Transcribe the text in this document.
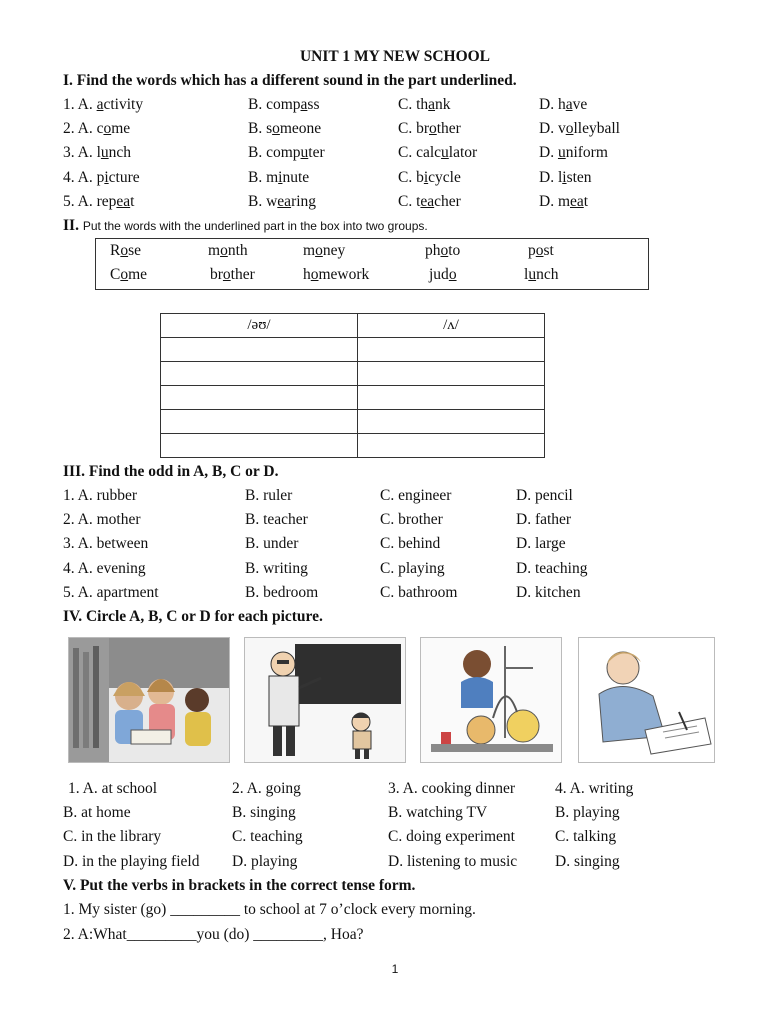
UNIT 1 MY NEW SCHOOL
I. Find the words which has a different sound in the part underlined.
1. A. activity	B. compass	C. thank	D. have
2. A. come	B. someone	C. brother	D. volleyball
3. A. lunch	B. computer	C. calculator	D. uniform
4. A. picture	B. minute	C. bicycle	D. listen
5. A. repeat	B. wearing	C. teacher	D. meat
II. Put the words with the underlined part in the box into two groups.
Rose	month	money	photo	post
Come	brother	homework	judo	lunch
/əʊ/	/ʌ/

III. Find the odd in A, B, C or D.
1. A. rubber	B. ruler	C. engineer	D. pencil
2. A. mother	B. teacher	C. brother	D. father
3. A. between	B. under	C. behind	D. large
4. A. evening	B. writing	C. playing	D. teaching
5. A. apartment	B. bedroom	C. bathroom	D. kitchen
IV. Circle A, B, C or D for each picture.
1. A. at school
B. at home
C. in the library
D. in the playing field
2. A. going
B. singing
C. teaching
D. playing
3. A. cooking dinner
B. watching TV
C. doing experiment
D. listening to music
4. A. writing
B. playing
C. talking
D. singing
V. Put the verbs in brackets in the correct tense form.
1. My sister (go) _________ to school at 7 o’clock every morning.
2. A:What_________you (do) _________, Hoa?
1
